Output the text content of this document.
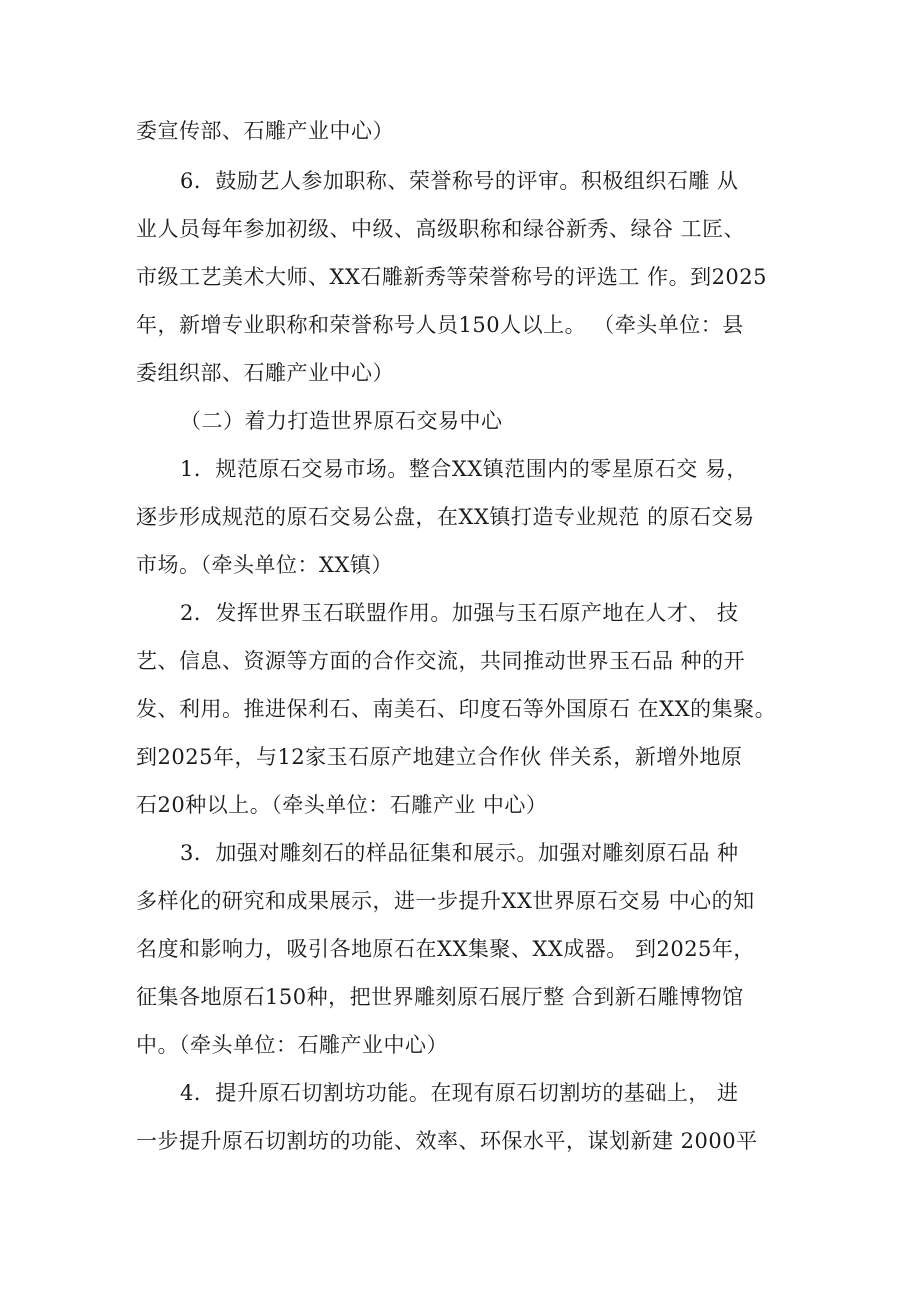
委宣传部、石雕产业中心）
6．鼓励艺人参加职称、荣誉称号的评审。积极组织石雕 从
业人员每年参加初级、中级、高级职称和绿谷新秀、绿谷 工匠、
市级工艺美术大师、XX石雕新秀等荣誉称号的评选工 作。到2025
年，新增专业职称和荣誉称号人员150人以上。 （牵头单位：县
委组织部、石雕产业中心）
（二）着力打造世界原石交易中心
1．规范原石交易市场。整合XX镇范围内的零星原石交 易，
逐步形成规范的原石交易公盘，在XX镇打造专业规范 的原石交易
市场。（牵头单位：XX镇）
2．发挥世界玉石联盟作用。加强与玉石原产地在人才、 技
艺、信息、资源等方面的合作交流，共同推动世界玉石品 种的开
发、利用。推进保利石、南美石、印度石等外国原石 在XX的集聚。
到2025年，与12家玉石原产地建立合作伙 伴关系，新增外地原
石20种以上。（牵头单位：石雕产业 中心）
3．加强对雕刻石的样品征集和展示。加强对雕刻原石品 种
多样化的研究和成果展示，进一步提升XX世界原石交易 中心的知
名度和影响力，吸引各地原石在XX集聚、XX成器。 到2025年，
征集各地原石150种，把世界雕刻原石展厅整 合到新石雕博物馆
中。（牵头单位：石雕产业中心）
4．提升原石切割坊功能。在现有原石切割坊的基础上， 进
一步提升原石切割坊的功能、效率、环保水平，谋划新建 2000平
